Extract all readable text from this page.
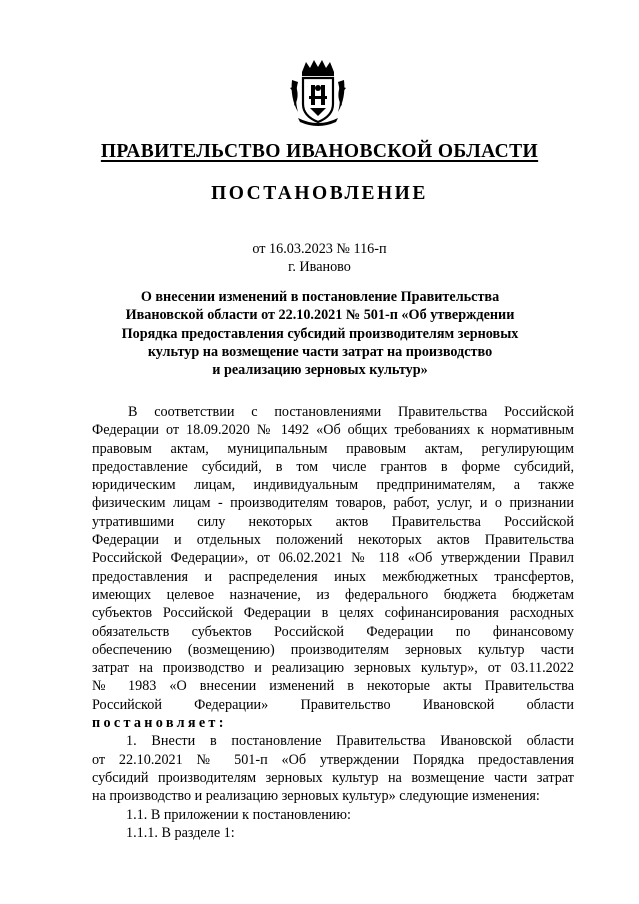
ПРАВИТЕЛЬСТВО ИВАНОВСКОЙ ОБЛАСТИ
ПОСТАНОВЛЕНИЕ
от 16.03.2023 № 116-п
г. Иваново
О внесении изменений в постановление Правительства
Ивановской области от 22.10.2021 № 501-п «Об утверждении
Порядка предоставления субсидий производителям зерновых
культур на возмещение части затрат на производство
и реализацию зерновых культур»
В соответствии с постановлениями Правительства Российской
Федерации от 18.09.2020 № 1492 «Об общих требованиях к нормативным
правовым актам, муниципальным правовым актам, регулирующим
предоставление субсидий, в том числе грантов в форме субсидий,
юридическим лицам, индивидуальным предпринимателям, а также
физическим лицам - производителям товаров, работ, услуг, и о признании
утратившими силу некоторых актов Правительства Российской
Федерации и отдельных положений некоторых актов Правительства
Российской Федерации», от 06.02.2021 № 118 «Об утверждении Правил
предоставления и распределения иных межбюджетных трансфертов,
имеющих целевое назначение, из федерального бюджета бюджетам
субъектов Российской Федерации в целях софинансирования расходных
обязательств субъектов Российской Федерации по финансовому
обеспечению (возмещению) производителям зерновых культур части
затрат на производство и реализацию зерновых культур», от 03.11.2022
№ 1983 «О внесении изменений в некоторые акты Правительства
Российской Федерации» Правительство Ивановской области
постановляет:
1. Внести в постановление Правительства Ивановской области
от 22.10.2021 № 501-п «Об утверждении Порядка предоставления
субсидий производителям зерновых культур на возмещение части затрат
на производство и реализацию зерновых культур» следующие изменения:
1.1. В приложении к постановлению:
1.1.1. В разделе 1:
